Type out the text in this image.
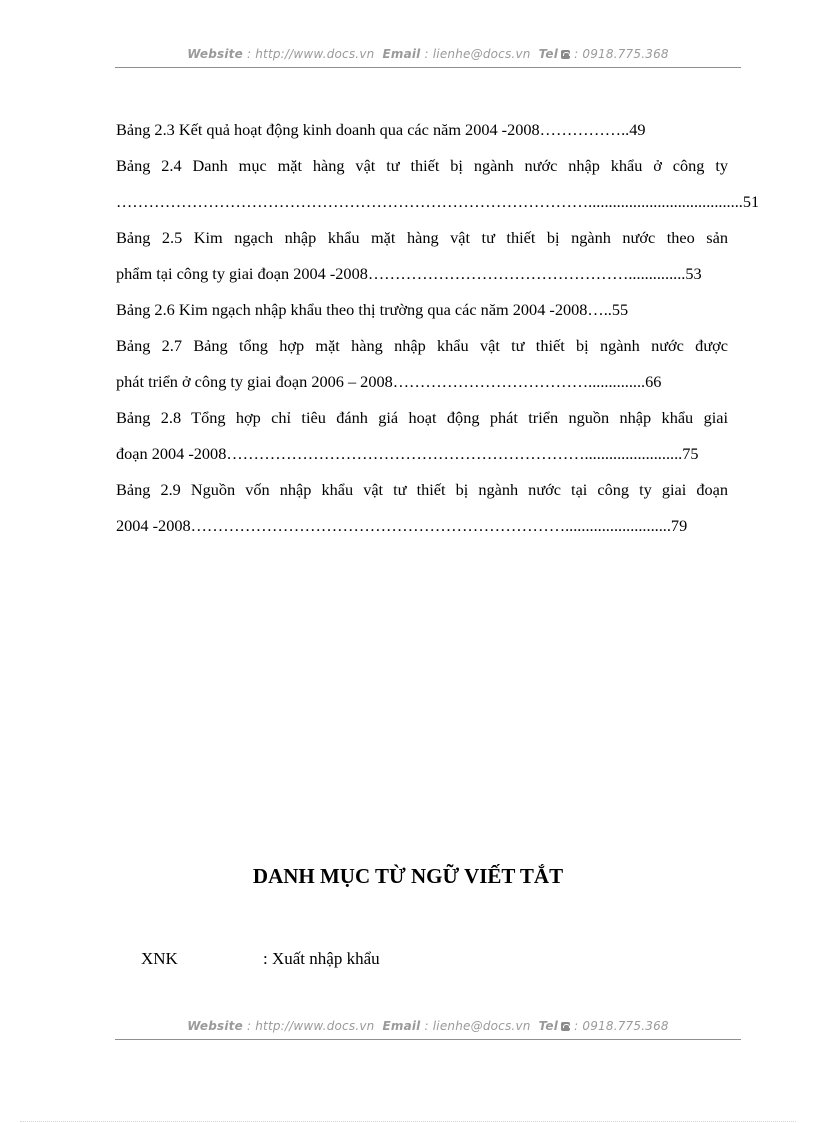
Website : http://www.docs.vn Email : lienhe@docs.vn Tel : 0918.775.368

Bảng 2.3 Kết quả hoạt động kinh doanh qua các năm 2004 -2008……………..49

Bảng 2.4 Danh mục mặt hàng vật tư thiết bị ngành nước nhập khẩu ở công ty
……………………………………………………………………………......................................51

Bảng 2.5 Kim ngạch nhập khẩu mặt hàng vật tư thiết bị ngành nước theo sản
phẩm tại công ty giai đoạn 2004 -2008…………………………………………..............53

Bảng 2.6 Kim ngạch nhập khẩu theo thị trường qua các năm 2004 -2008…..55

Bảng 2.7 Bảng tổng hợp mặt hàng nhập khẩu vật tư thiết bị ngành nước được
phát triển ở công ty giai đoạn 2006 – 2008………………………………..............66

Bảng 2.8 Tổng hợp chỉ tiêu đánh giá hoạt động phát triển nguồn nhập khẩu giai
đoạn 2004 -2008…………………………………………………………........................75

Bảng 2.9 Nguồn vốn nhập khẩu vật tư thiết bị ngành nước tại công ty giai đoạn
2004 -2008……………………………………………………………..........................79

DANH MỤC TỪ NGỮ VIẾT TẮT
XNK	: Xuất nhập khẩu
Website : http://www.docs.vn Email : lienhe@docs.vn Tel : 0918.775.368
